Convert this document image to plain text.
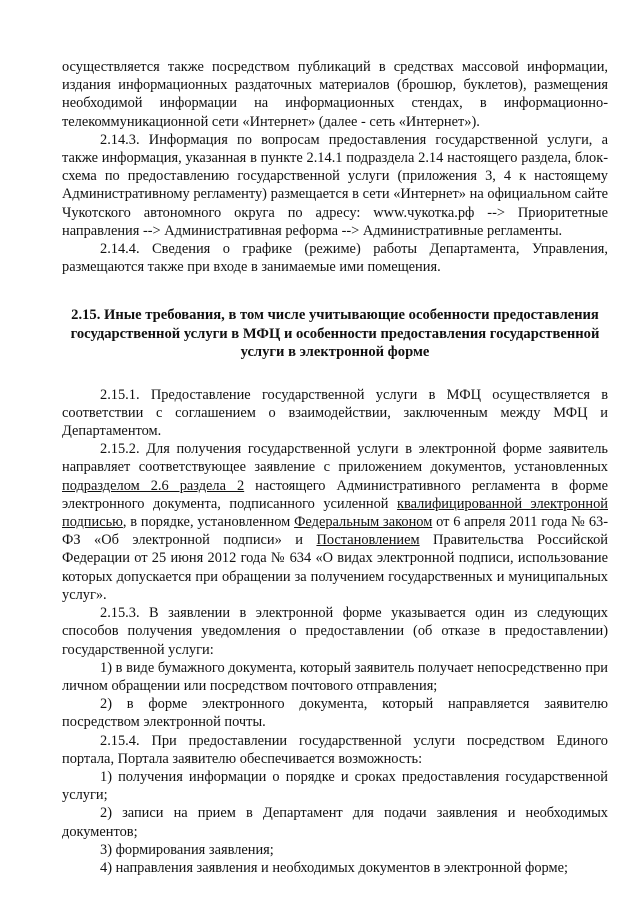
осуществляется также посредством публикаций в средствах массовой информации, издания информационных раздаточных материалов (брошюр, буклетов), размещения необходимой информации на информационных стендах, в информационно-телекоммуникационной сети «Интернет» (далее - сеть «Интернет»).

2.14.3. Информация по вопросам предоставления государственной услуги, а также информация, указанная в пункте 2.14.1 подраздела 2.14 настоящего раздела, блок-схема по предоставлению государственной услуги (приложения 3, 4 к настоящему Административному регламенту) размещается в сети «Интернет» на официальном сайте Чукотского автономного округа по адресу: www.чукотка.рф --> Приоритетные направления --> Административная реформа --> Административные регламенты.

2.14.4. Сведения о графике (режиме) работы Департамента, Управления, размещаются также при входе в занимаемые ими помещения.

2.15. Иные требования, в том числе учитывающие особенности предоставления государственной услуги в МФЦ и особенности предоставления государственной услуги в электронной форме

2.15.1. Предоставление государственной услуги в МФЦ осуществляется в соответствии с соглашением о взаимодействии, заключенным между МФЦ и Департаментом.

2.15.2. Для получения государственной услуги в электронной форме заявитель направляет соответствующее заявление с приложением документов, установленных подразделом 2.6 раздела 2 настоящего Административного регламента в форме электронного документа, подписанного усиленной квалифицированной электронной подписью, в порядке, установленном Федеральным законом от 6 апреля 2011 года № 63-ФЗ «Об электронной подписи» и Постановлением Правительства Российской Федерации от 25 июня 2012 года № 634 «О видах электронной подписи, использование которых допускается при обращении за получением государственных и муниципальных услуг».

2.15.3. В заявлении в электронной форме указывается один из следующих способов получения уведомления о предоставлении (об отказе в предоставлении) государственной услуги:

1) в виде бумажного документа, который заявитель получает непосредственно при личном обращении или посредством почтового отправления;

2) в форме электронного документа, который направляется заявителю посредством электронной почты.

2.15.4. При предоставлении государственной услуги посредством Единого портала, Портала заявителю обеспечивается возможность:

1) получения информации о порядке и сроках предоставления государственной услуги;

2) записи на прием в Департамент для подачи заявления и необходимых документов;

3) формирования заявления;

4) направления заявления и необходимых документов в электронной форме;
